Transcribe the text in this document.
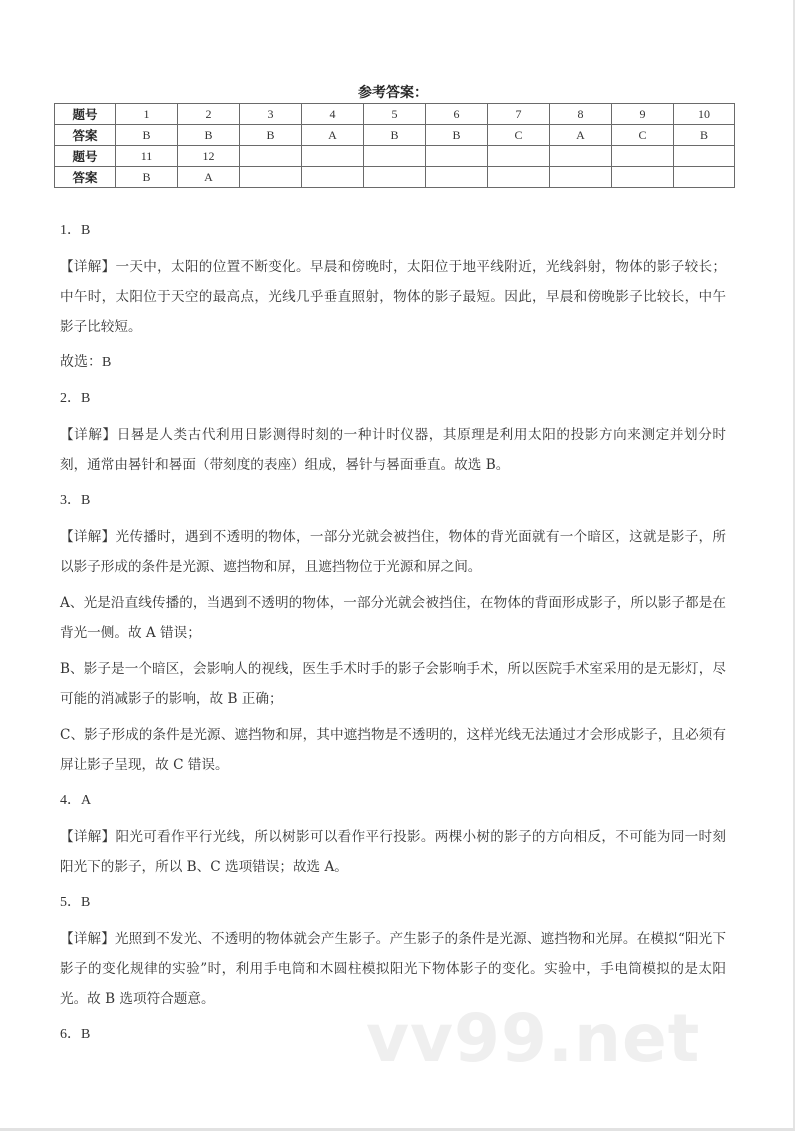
参考答案：
题号	1	2	3	4	5	6	7	8	9	10
答案	B	B	B	A	B	B	C	A	C	B
题号	11	12								
答案	B	A								

1．B

【详解】一天中，太阳的位置不断变化。早晨和傍晚时，太阳位于地平线附近，光线斜射，物体的影子较长；中午时，太阳位于天空的最高点，光线几乎垂直照射，物体的影子最短。因此，早晨和傍晚影子比较长，中午影子比较短。

故选：B

2．B

【详解】日晷是人类古代利用日影测得时刻的一种计时仪器，其原理是利用太阳的投影方向来测定并划分时刻，通常由晷针和晷面（带刻度的表座）组成，晷针与晷面垂直。故选 B。

3．B

【详解】光传播时，遇到不透明的物体，一部分光就会被挡住，物体的背光面就有一个暗区，这就是影子，所以影子形成的条件是光源、遮挡物和屏，且遮挡物位于光源和屏之间。

A、光是沿直线传播的，当遇到不透明的物体，一部分光就会被挡住，在物体的背面形成影子，所以影子都是在背光一侧。故 A 错误；

B、影子是一个暗区，会影响人的视线，医生手术时手的影子会影响手术，所以医院手术室采用的是无影灯，尽可能的消减影子的影响，故 B 正确；

C、影子形成的条件是光源、遮挡物和屏，其中遮挡物是不透明的，这样光线无法通过才会形成影子，且必须有屏让影子呈现，故 C 错误。

4．A

【详解】阳光可看作平行光线，所以树影可以看作平行投影。两棵小树的影子的方向相反，不可能为同一时刻阳光下的影子，所以 B、C 选项错误；故选 A。

5．B

【详解】光照到不发光、不透明的物体就会产生影子。产生影子的条件是光源、遮挡物和光屏。在模拟“阳光下影子的变化规律的实验”时，利用手电筒和木圆柱模拟阳光下物体影子的变化。实验中，手电筒模拟的是太阳光。故 B 选项符合题意。

6．B	vv99.net
